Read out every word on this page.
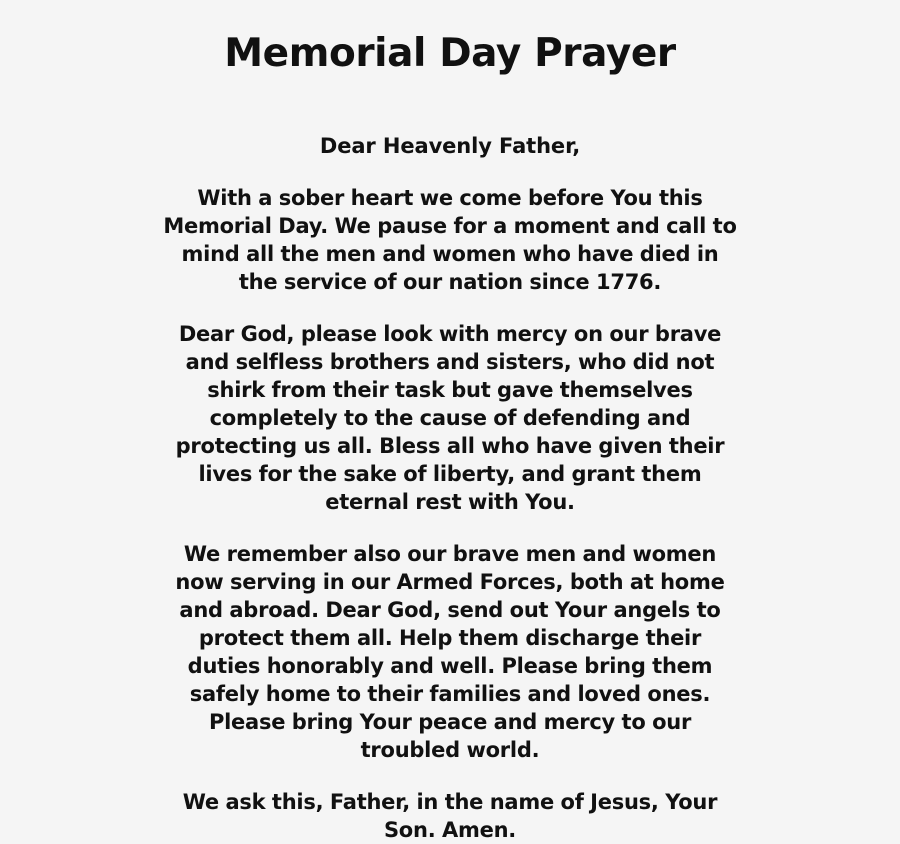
Memorial Day Prayer

Dear Heavenly Father,

With a sober heart we come before You this Memorial Day. We pause for a moment and call to mind all the men and women who have died in the service of our nation since 1776.

Dear God, please look with mercy on our brave and selfless brothers and sisters, who did not shirk from their task but gave themselves completely to the cause of defending and protecting us all. Bless all who have given their lives for the sake of liberty, and grant them eternal rest with You.

We remember also our brave men and women now serving in our Armed Forces, both at home and abroad. Dear God, send out Your angels to protect them all. Help them discharge their duties honorably and well. Please bring them safely home to their families and loved ones. Please bring Your peace and mercy to our troubled world.

We ask this, Father, in the name of Jesus, Your Son. Amen.
